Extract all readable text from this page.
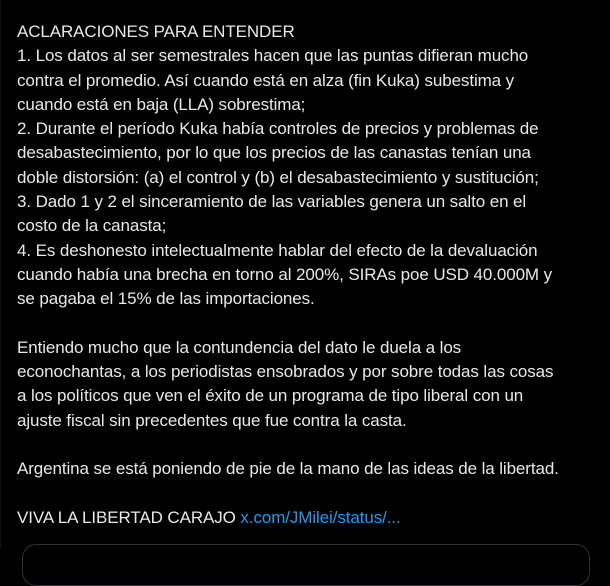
ACLARACIONES PARA ENTENDER
1. Los datos al ser semestrales hacen que las puntas difieran mucho
contra el promedio. Así cuando está en alza (fin Kuka) subestima y
cuando está en baja (LLA) sobrestima;
2. Durante el período Kuka había controles de precios y problemas de
desabastecimiento, por lo que los precios de las canastas tenían una
doble distorsión: (a) el control y (b) el desabastecimiento y sustitución;
3. Dado 1 y 2 el sinceramiento de las variables genera un salto en el
costo de la canasta;
4. Es deshonesto intelectualmente hablar del efecto de la devaluación
cuando había una brecha en torno al 200%, SIRAs poe USD 40.000M y
se pagaba el 15% de las importaciones.
Entiendo mucho que la contundencia del dato le duela a los
econochantas, a los periodistas ensobrados y por sobre todas las cosas
a los políticos que ven el éxito de un programa de tipo liberal con un
ajuste fiscal sin precedentes que fue contra la casta.
Argentina se está poniendo de pie de la mano de las ideas de la libertad.
VIVA LA LIBERTAD CARAJO x.com/JMilei/status/...
